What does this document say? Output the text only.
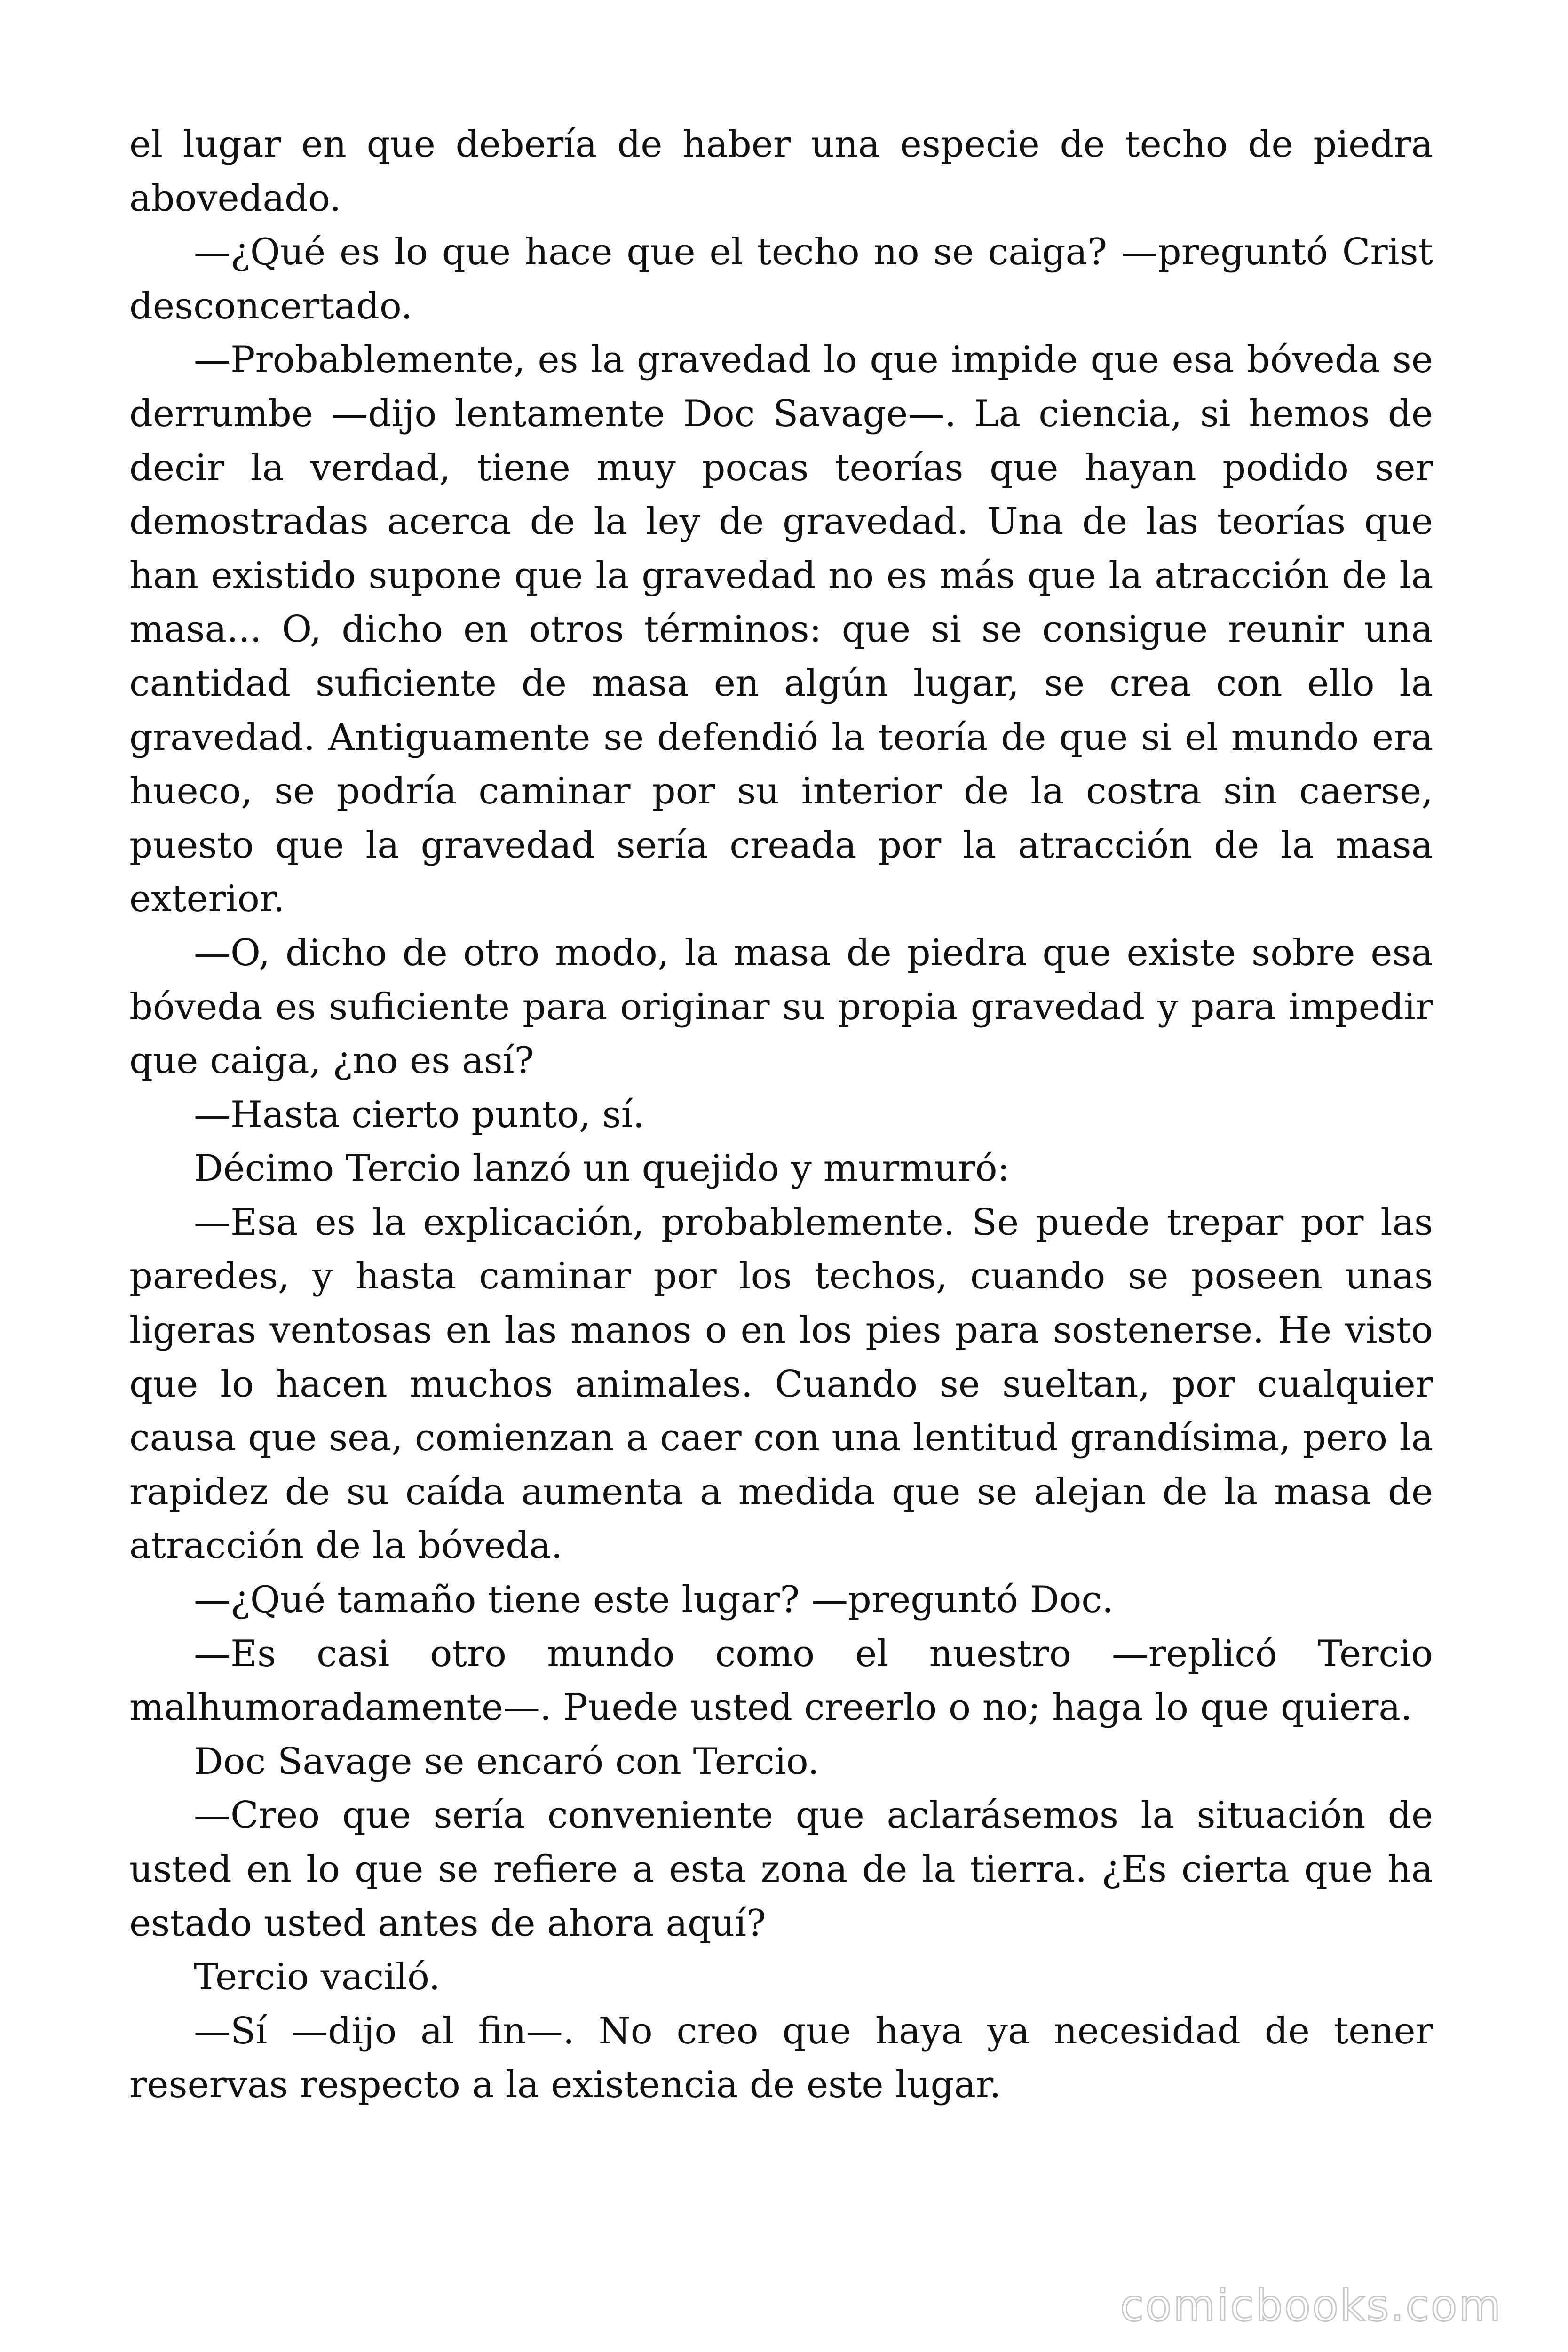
el lugar en que debería de haber una especie de techo de piedra abovedado.

—¿Qué es lo que hace que el techo no se caiga? —preguntó Crist desconcertado.

—Probablemente, es la gravedad lo que impide que esa bóveda se derrumbe —dijo lentamente Doc Savage—. La ciencia, si hemos de decir la verdad, tiene muy pocas teorías que hayan podido ser demostradas acerca de la ley de gravedad. Una de las teorías que han existido supone que la gravedad no es más que la atracción de la masa... O, dicho en otros términos: que si se consigue reunir una cantidad suficiente de masa en algún lugar, se crea con ello la gravedad. Antiguamente se defendió la teoría de que si el mundo era hueco, se podría caminar por su interior de la costra sin caerse, puesto que la gravedad sería creada por la atracción de la masa exterior.

—O, dicho de otro modo, la masa de piedra que existe sobre esa bóveda es suficiente para originar su propia gravedad y para impedir que caiga, ¿no es así?

—Hasta cierto punto, sí.

Décimo Tercio lanzó un quejido y murmuró:

—Esa es la explicación, probablemente. Se puede trepar por las paredes, y hasta caminar por los techos, cuando se poseen unas ligeras ventosas en las manos o en los pies para sostenerse. He visto que lo hacen muchos animales. Cuando se sueltan, por cualquier causa que sea, comienzan a caer con una lentitud grandísima, pero la rapidez de su caída aumenta a medida que se alejan de la masa de atracción de la bóveda.

—¿Qué tamaño tiene este lugar? —preguntó Doc.

—Es casi otro mundo como el nuestro —replicó Tercio malhumoradamente—. Puede usted creerlo o no; haga lo que quiera.

Doc Savage se encaró con Tercio.

—Creo que sería conveniente que aclarásemos la situación de usted en lo que se refiere a esta zona de la tierra. ¿Es cierta que ha estado usted antes de ahora aquí?

Tercio vaciló.

—Sí —dijo al fin—. No creo que haya ya necesidad de tener reservas respecto a la existencia de este lugar.

comicbooks.com
